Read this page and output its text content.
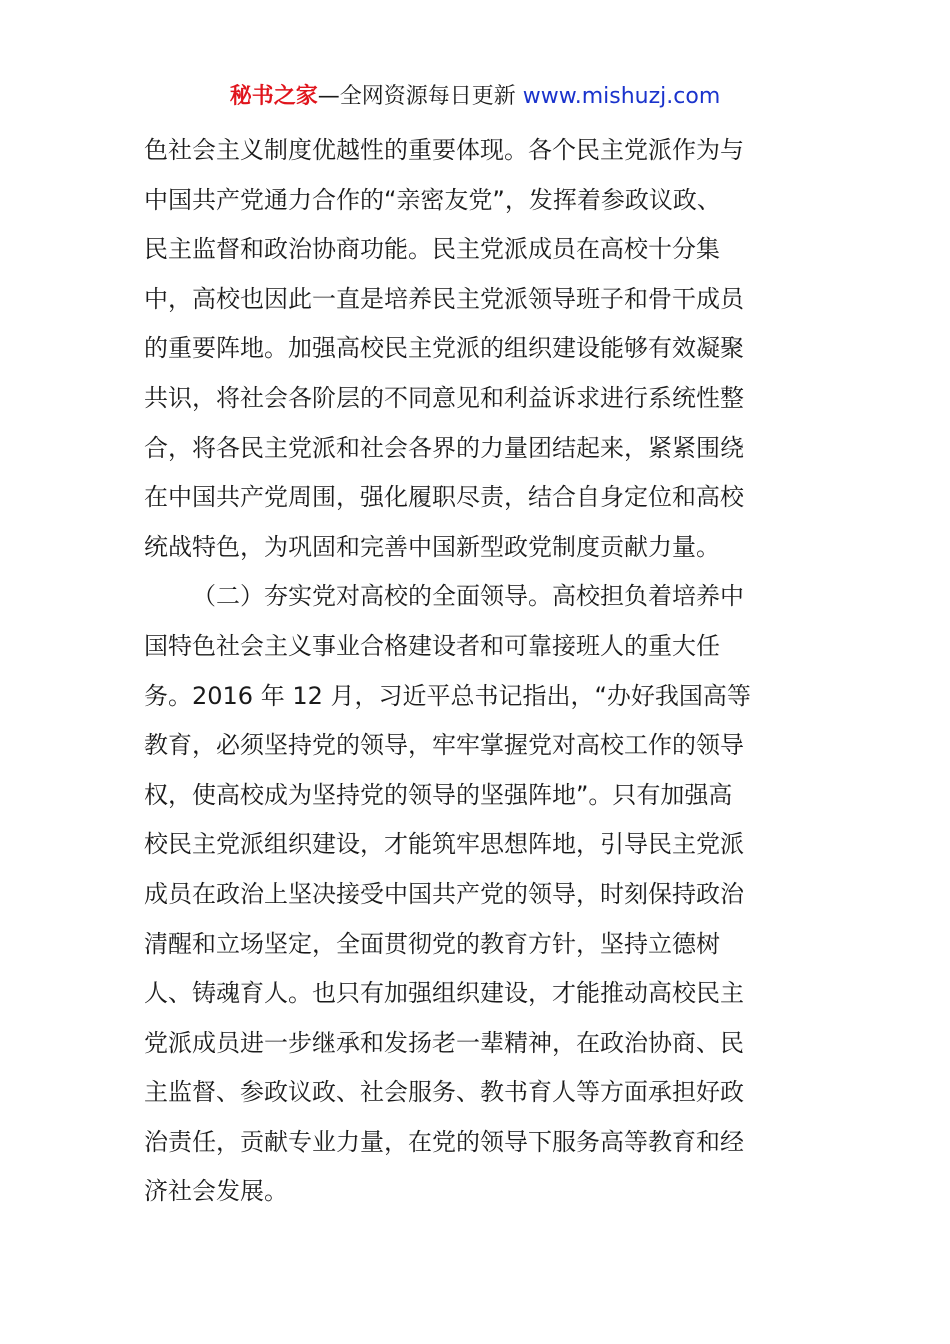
秘书之家—全网资源每日更新 www.mishuzj.com
色社会主义制度优越性的重要体现。各个民主党派作为与
中国共产党通力合作的“亲密友党”，发挥着参政议政、
民主监督和政治协商功能。民主党派成员在高校十分集
中，高校也因此一直是培养民主党派领导班子和骨干成员
的重要阵地。加强高校民主党派的组织建设能够有效凝聚
共识，将社会各阶层的不同意见和利益诉求进行系统性整
合，将各民主党派和社会各界的力量团结起来，紧紧围绕
在中国共产党周围，强化履职尽责，结合自身定位和高校
统战特色，为巩固和完善中国新型政党制度贡献力量。
（二）夯实党对高校的全面领导。高校担负着培养中
国特色社会主义事业合格建设者和可靠接班人的重大任
务。2016 年 12 月，习近平总书记指出，“办好我国高等
教育，必须坚持党的领导，牢牢掌握党对高校工作的领导
权，使高校成为坚持党的领导的坚强阵地”。只有加强高
校民主党派组织建设，才能筑牢思想阵地，引导民主党派
成员在政治上坚决接受中国共产党的领导，时刻保持政治
清醒和立场坚定，全面贯彻党的教育方针，坚持立德树
人、铸魂育人。也只有加强组织建设，才能推动高校民主
党派成员进一步继承和发扬老一辈精神，在政治协商、民
主监督、参政议政、社会服务、教书育人等方面承担好政
治责任，贡献专业力量，在党的领导下服务高等教育和经
济社会发展。
